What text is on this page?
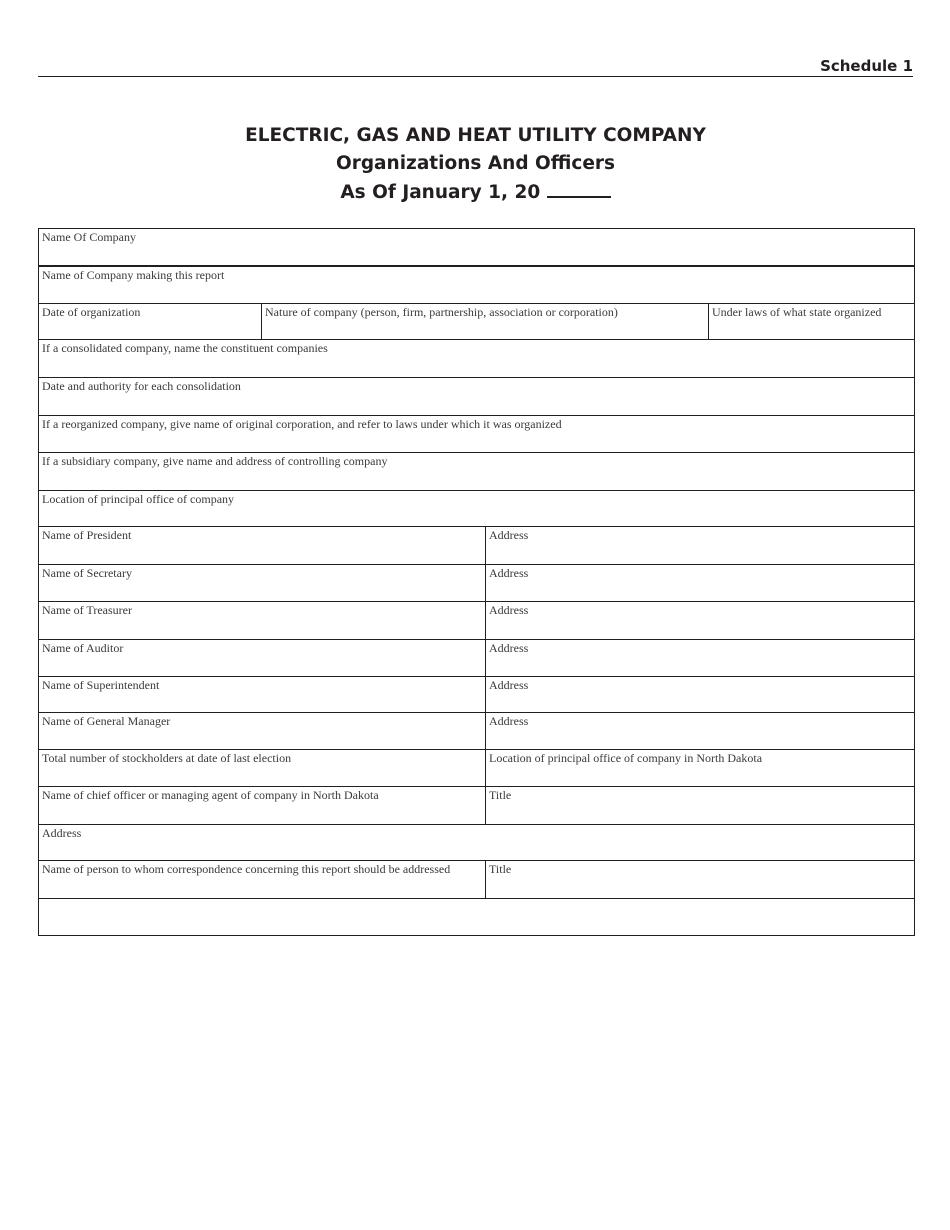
Schedule 1
ELECTRIC, GAS AND HEAT UTILITY COMPANY
Organizations And Officers
As Of January 1, 20
Name Of Company			
Name of Company making this report			
Date of organization	Nature of company (person, firm, partnership, association or corporation)		Under laws of what state organized
If a consolidated company, name the constituent companies			
Date and authority for each consolidation			
If a reorganized company, give name of original corporation, and refer to laws under which it was organized			
If a subsidiary company, give name and address of controlling company			
Location of principal office of company			
Name of President		Address	
Name of Secretary		Address	
Name of Treasurer		Address	
Name of Auditor		Address	
Name of Superintendent		Address	
Name of General Manager		Address	
Total number of stockholders at date of last election		Location of principal office of company in North Dakota	
Name of chief officer or managing agent of company in North Dakota		Title	
Address			
Name of person to whom correspondence concerning this report should be addressed		Title	
